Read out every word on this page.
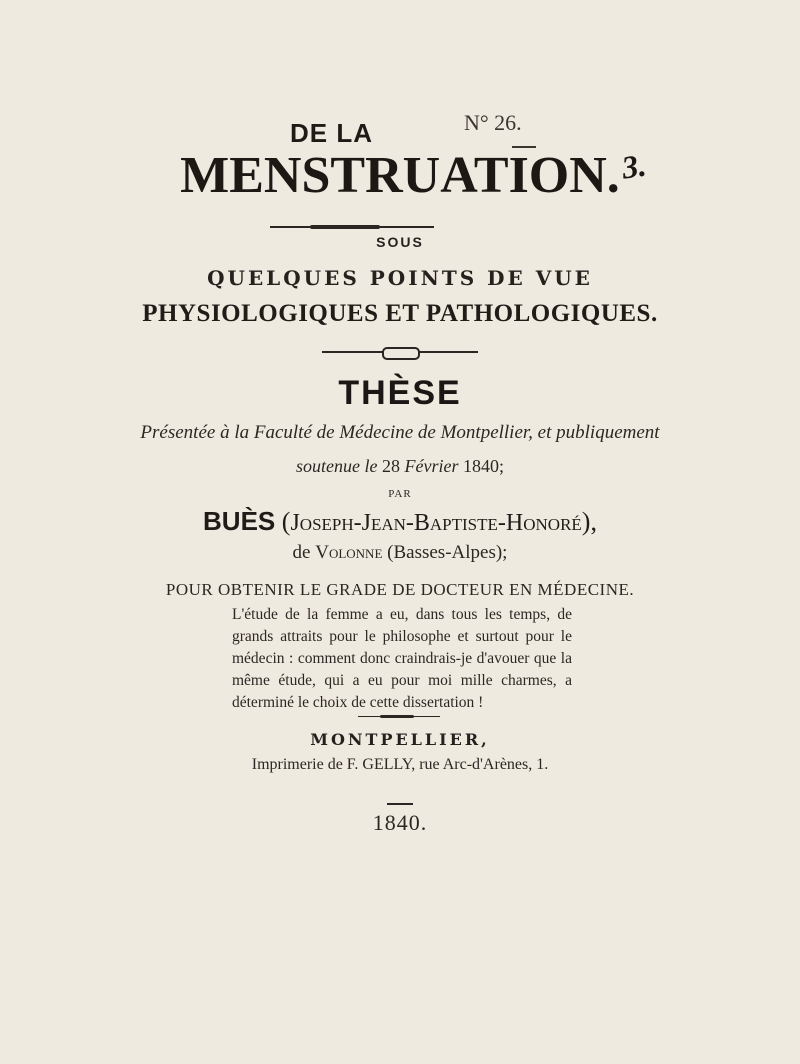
DE LA	N° 26.
3.
MENSTRUATION.
SOUS
QUELQUES POINTS DE VUE
PHYSIOLOGIQUES ET PATHOLOGIQUES.
THÈSE
Présentée à la Faculté de Médecine de Montpellier, et publiquement
soutenue le 28 Février 1840;
PAR
BUÈS (Joseph-Jean-Baptiste-Honoré),
de Volonne (Basses-Alpes);
POUR OBTENIR LE GRADE DE DOCTEUR EN MÉDECINE.
L'étude de la femme a eu, dans tous les temps, de grands attraits pour le philosophe et surtout pour le médecin : comment donc craindrais-je d'avouer que la même étude, qui a eu pour moi mille charmes, a déterminé le choix de cette dissertation !
MONTPELLIER,
Imprimerie de F. GELLY, rue Arc-d'Arènes, 1.
1840.
